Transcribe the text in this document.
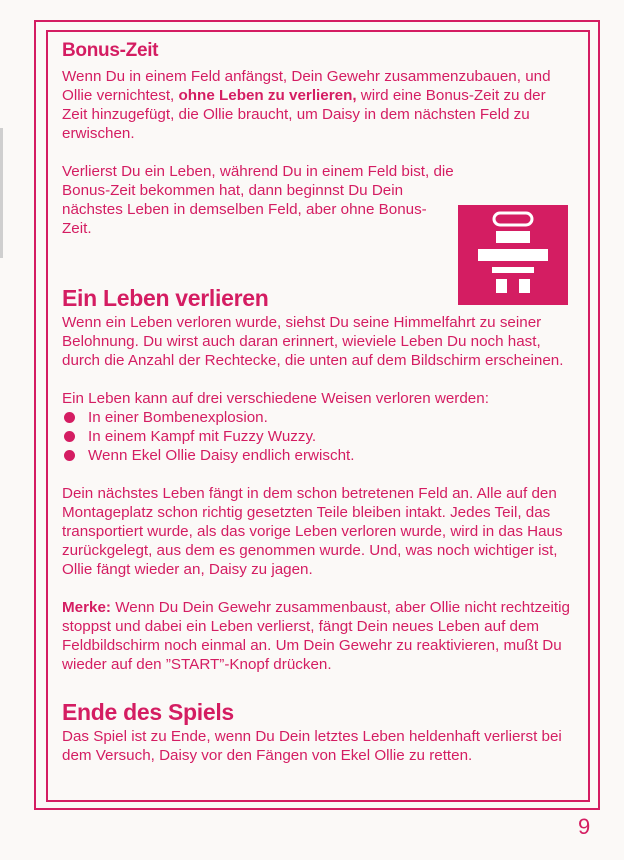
Bonus-Zeit

Wenn Du in einem Feld anfängst, Dein Gewehr zusammenzubauen, und Ollie vernichtest, ohne Leben zu verlieren, wird eine Bonus-Zeit zu der Zeit hinzugefügt, die Ollie braucht, um Daisy in dem nächsten Feld zu erwischen.

Verlierst Du ein Leben, während Du in einem Feld bist, die Bonus-Zeit bekommen hat, dann beginnst Du Dein nächstes Leben in demselben Feld, aber ohne Bonus-Zeit.

Ein Leben verlieren

Wenn ein Leben verloren wurde, siehst Du seine Himmelfahrt zu seiner Belohnung. Du wirst auch daran erinnert, wieviele Leben Du noch hast, durch die Anzahl der Rechtecke, die unten auf dem Bildschirm erscheinen.

Ein Leben kann auf drei verschiedene Weisen verloren werden:

In einer Bombenexplosion.
In einem Kampf mit Fuzzy Wuzzy.
Wenn Ekel Ollie Daisy endlich erwischt.

Dein nächstes Leben fängt in dem schon betretenen Feld an. Alle auf den Montageplatz schon richtig gesetzten Teile bleiben intakt. Jedes Teil, das transportiert wurde, als das vorige Leben verloren wurde, wird in das Haus zurückgelegt, aus dem es genommen wurde. Und, was noch wichtiger ist, Ollie fängt wieder an, Daisy zu jagen.

Merke: Wenn Du Dein Gewehr zusammenbaust, aber Ollie nicht rechtzeitig stoppst und dabei ein Leben verlierst, fängt Dein neues Leben auf dem Feldbildschirm noch einmal an. Um Dein Gewehr zu reaktivieren, mußt Du wieder auf den ”START”-Knopf drücken.

Ende des Spiels

Das Spiel ist zu Ende, wenn Du Dein letztes Leben heldenhaft verlierst bei dem Versuch, Daisy vor den Fängen von Ekel Ollie zu retten.

9
